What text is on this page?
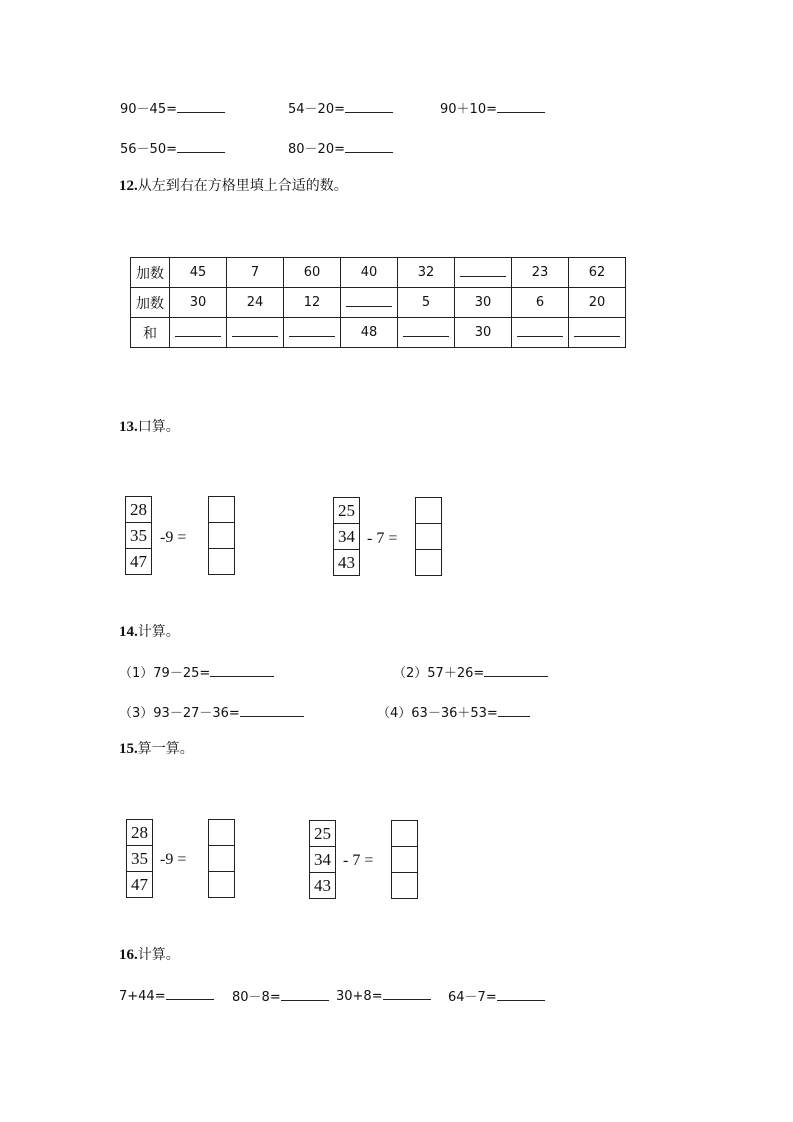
90－45=	54－20=	90＋10=
56－50=	80－20=
12.从左到右在方格里填上合适的数。
加数	45	7	60	40	32		23	62
加数	30	24	12		5	30	6	20
和				48		30		
13.口算。
28
35
47
-9 =
25
34
43
- 7 =
14.计算。
（1）79－25=	（2）57＋26=
（3）93－27－36=	（4）63－36＋53=
15.算一算。
28
35
47
-9 =
25
34
43
- 7 =
16.计算。
7+44=	80－8=	30+8=	64－7=
